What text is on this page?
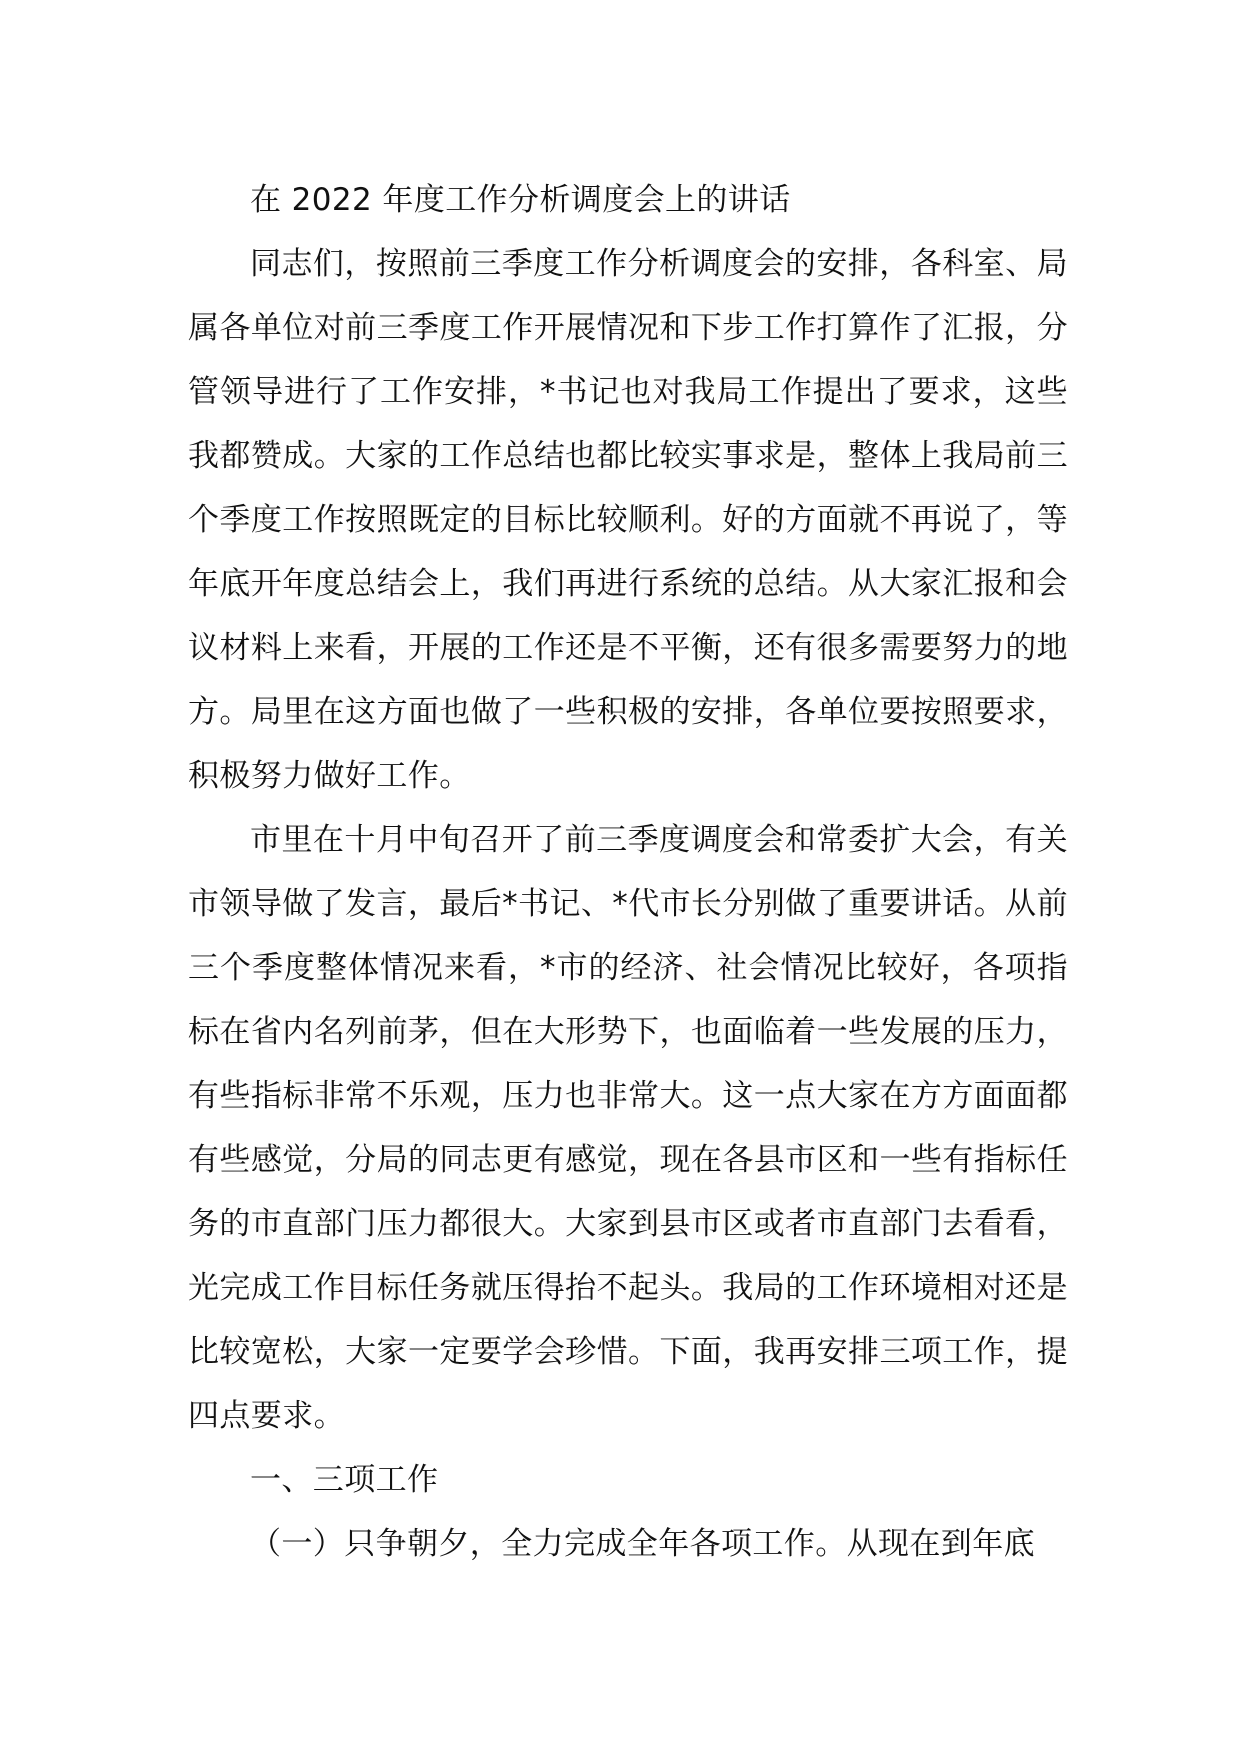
在 2022 年度工作分析调度会上的讲话

同志们，按照前三季度工作分析调度会的安排，各科室、局属各单位对前三季度工作开展情况和下步工作打算作了汇报，分管领导进行了工作安排，*书记也对我局工作提出了要求，这些我都赞成。大家的工作总结也都比较实事求是，整体上我局前三个季度工作按照既定的目标比较顺利。好的方面就不再说了，等年底开年度总结会上，我们再进行系统的总结。从大家汇报和会议材料上来看，开展的工作还是不平衡，还有很多需要努力的地方。局里在这方面也做了一些积极的安排，各单位要按照要求，积极努力做好工作。

市里在十月中旬召开了前三季度调度会和常委扩大会，有关市领导做了发言，最后*书记、*代市长分别做了重要讲话。从前三个季度整体情况来看，*市的经济、社会情况比较好，各项指标在省内名列前茅，但在大形势下，也面临着一些发展的压力，有些指标非常不乐观，压力也非常大。这一点大家在方方面面都有些感觉，分局的同志更有感觉，现在各县市区和一些有指标任务的市直部门压力都很大。大家到县市区或者市直部门去看看，光完成工作目标任务就压得抬不起头。我局的工作环境相对还是比较宽松，大家一定要学会珍惜。下面，我再安排三项工作，提四点要求。

一、三项工作

（一）只争朝夕，全力完成全年各项工作。从现在到年底
